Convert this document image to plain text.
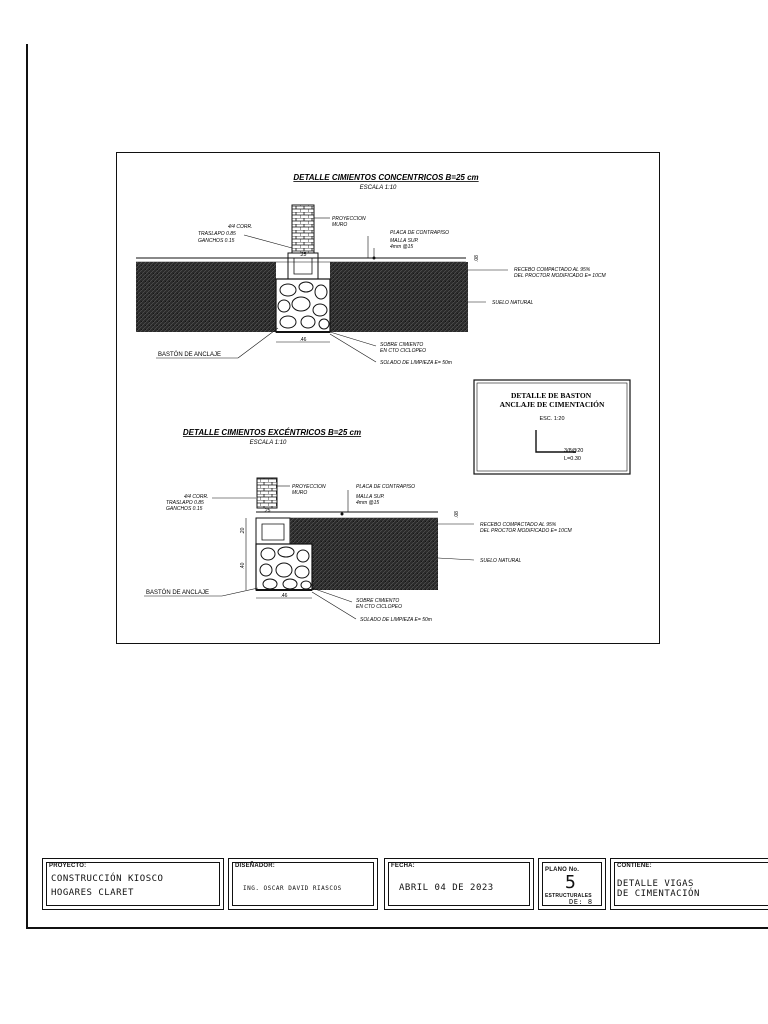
DETALLE CIMIENTOS CONCENTRICOS B=25 cm
ESCALA 1:10
.25
.08
.46
4/4 CORR. TRASLAPO 0.85 GANCHOS 0.15
PROYECCION MURO
PLACA DE CONTRAPISO
MALLA SUP. 4mm @15
RECEBO COMPACTADO AL 95% DEL PROCTOR MODIFICADO E= 10CM
SUELO NATURAL
SOBRE CIMIENTO EN CTO CICLOPEO
SOLADO DE LIMPIEZA E= 50m
BASTÓN DE ANCLAJE
DETALLE DE BASTON ANCLAJE DE CIMENTACIÓN
ESC. 1:20
3/8@20
L=0.30
DETALLE CIMIENTOS EXCÉNTRICOS B=25 cm
ESCALA 1:10
.25
.08
.20
.40
.46
4/4 CORR. TRASLAPO 0.85 GANCHOS 0.15
PROYECCION MURO
PLACA DE CONTRAPISO
MALLA SUP. 4mm @15
RECEBO COMPACTADO AL 95% DEL PROCTOR MODIFICADO E= 10CM
SUELO NATURAL
SOBRE CIMIENTO EN CTO CICLOPEO
SOLADO DE LIMPIEZA E= 50m
BASTÓN DE ANCLAJE
PROYECTO:
CONSTRUCCIÓN KIOSCO
HOGARES CLARET
DISEÑADOR:
ING. OSCAR DAVID RIASCOS
FECHA:
ABRIL 04 DE 2023
PLANO No.
5
ESTRUCTURALES
DE: 8
CONTIENE:
DETALLE VIGAS
DE CIMENTACIÓN
